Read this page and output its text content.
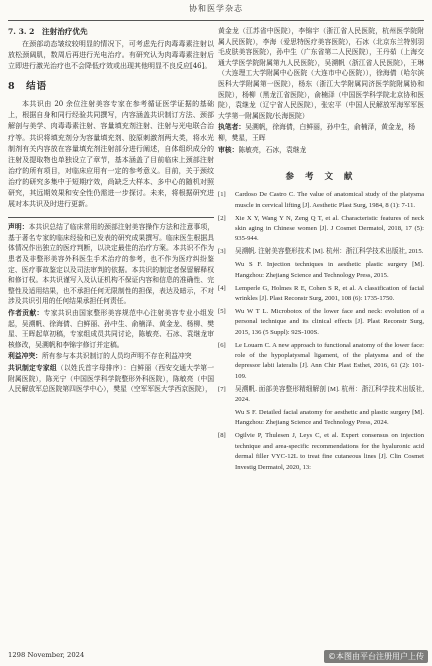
协和医学杂志

7. 3. 2　注射治疗优先

在颈部动态皱纹较明显的情况下，可考虑先行肉毒毒素注射以放松颈阔肌，数周后再进行光电治疗。有研究认为肉毒毒素注射后立即进行激光治疗也不会降低疗效或出现其他明显不良反应[46]。

8　结语

本共识由 20 余位注射美容专家在参考循证医学证据的基础上，根据自身和同行经验共同撰写，内容涵盖共识制订方法、颈部解剖与美学、肉毒毒素注射、容量填充剂注射、注射与光电联合治疗等。共识将填充剂分为容量填充剂、胶原刺激剂两大类，将水光制剂有关内容放在容量填充剂注射部分进行阐述，自体组织成分的注射及提取物也单独设立了章节，基本涵盖了目前临床上颈部注射治疗的所有项目，对临床应用有一定的参考意义。目前，关于颈纹治疗的研究多集中于短期疗效，尚缺乏大样本、多中心的随机对照研究，其远期效果和安全性仍需进一步探讨。未来，将根据研究进展对本共识及时进行更新。

声明：本共识总结了临床常用的颈部注射美容操作方法和注意事项，基于著名专家的临床经验和已发表的研究成果撰写。临床医生根据具体情况作出独立的医疗判断，以决定最佳的治疗方案。本共识不作为患者及非整形美容外科医生手术治疗的参考，也不作为医疗纠纷鉴定、医疗事故鉴定以及司法审判的依据。本共识的制定者保留解释权和修订权。本共识谨写入及认证机构不保证内容和信息的准确性、完整性及适用结果，也不承担任何无限制性的担保，表达及暗示，不对涉及共识引用的任何结果承担任何责任。

作者贡献：专家共识由国家整形美容规范中心注射美容专业小组发起，吴溯帆、徐海倩、白鲜丽、孙中生、俞楠泽、黄金龙、杨柳、樊星、王晖起草初稿，专家组成员共同讨论，陈敏亮、石冰、袁继龙审核修改，吴溯帆和李锦宇修订并定稿。

利益冲突：所有参与本共识制订的人员均声明不存在利益冲突

共识制定专家组（以姓氏首字母排序）：白鲜丽（西安交通大学第一附属医院），陈光宁（中国医学科学院整形外科医院），陈敏亮（中国人民解放军总医院第四医学中心），樊星（空军军医大学西京医院），

黄金龙（江苏省中医院），李锦宇（浙江省人民医院，杭州医学院附属人民医院），李海（爱思特医疗美容医院），石冰（北京东兰特别羽毛皮肤美容医院），孙中生（广东省第二人民医院），王丹茹（上海交通大学医学院附属第九人民医院），吴溯帆（浙江省人民医院），王琳（大连理工大学附属中心医院（大连市中心医院）），徐海倩（哈尔滨医科大学附属第一医院），杨东（浙江大学附属同济医学院附属协和医院），杨柳（黑龙江省医院），俞楠泽（中国医学科学院北京协和医院），袁继龙（辽宁省人民医院），张宏平（中国人民解放军海军军医大学第一附属医院/长海医院）

执笔者：吴溯帆，徐海倩，白鲜丽，孙中生，俞楠泽，黄金龙，杨柳，樊星，王晖

审核：陈敏亮，石冰，袁继龙

参 考 文 献

[1] Cardoso De Castro C. The value of anatomical study of the platysma muscle in cervical lifting [J]. Aesthetic Plast Surg, 1984, 8 (1): 7-11.
[2] Xie X Y, Wang Y N, Zeng Q T, et al. Characteristic features of neck skin aging in Chinese women [J]. J Cosmet Dermatol, 2018, 17 (5): 935-944.
[3] 吴溯帆. 注射美容整形技术 [M]. 杭州：浙江科学技术出版社, 2015.
Wu S F. Injection techniques in aesthetic plastic surgery [M]. Hangzhou: Zhejiang Science and Technology Press, 2015.
[4] Lemperle G, Holmes R E, Cohen S R, et al. A classification of facial wrinkles [J]. Plast Reconstr Surg, 2001, 108 (6): 1735-1750.
[5] Wu W T L. Microbotox of the lower face and neck: evolution of a personal technique and its clinical effects [J]. Plast Reconstr Surg, 2015, 136 (5 Suppl): 92S-100S.
[6] Le Louarn C. A new approach to functional anatomy of the lower face: role of the hypoplatysmal ligament, of the platysma and of the depressor labii lateralis [J]. Ann Chir Plast Esthet, 2016, 61 (2): 101-109.
[7] 吴溯帆. 面部美容整形精细解剖 [M]. 杭州：浙江科学技术出版社, 2024.
Wu S F. Detailed facial anatomy for aesthetic and plastic surgery [M]. Hangzhou: Zhejiang Science and Technology Press, 2024.
[8] Ogilvie P, Thulesen J, Leys C, et al. Expert consensus on injection technique and area-specific recommendations for the hyaluronic acid dermal filler VYC-12L to treat fine cutaneous lines [J]. Clin Cosmet Investig Dermatol, 2020, 13:
1298 November, 2024	©本图由平台注册用户上传
